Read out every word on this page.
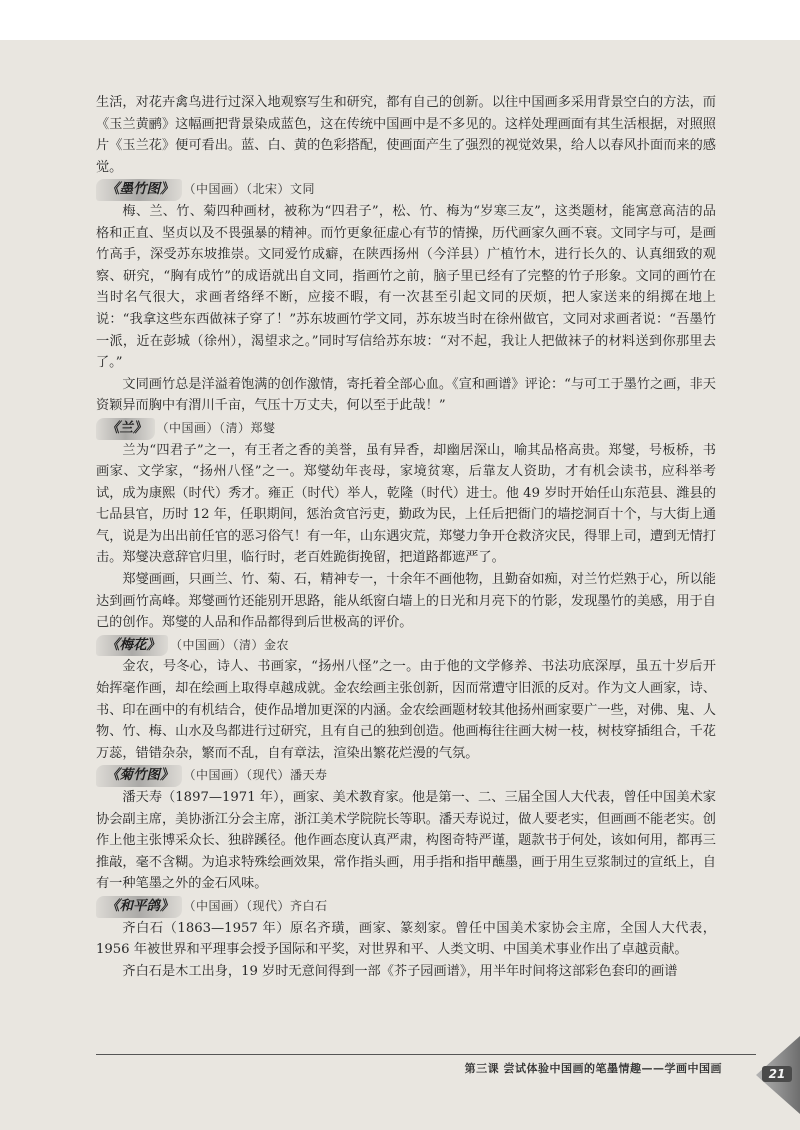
生活，对花卉禽鸟进行过深入地观察写生和研究，都有自己的创新。以往中国画多采用背景空白的方法，而《玉兰黄鹂》这幅画把背景染成蓝色，这在传统中国画中是不多见的。这样处理画面有其生活根据，对照照片《玉兰花》便可看出。蓝、白、黄的色彩搭配，使画面产生了强烈的视觉效果，给人以春风扑面而来的感觉。

《墨竹图》 （中国画）（北宋）文同

梅、兰、竹、菊四种画材，被称为“四君子”，松、竹、梅为“岁寒三友”，这类题材，能寓意高洁的品格和正直、坚贞以及不畏强暴的精神。而竹更象征虚心有节的情操，历代画家久画不衰。文同字与可，是画竹高手，深受苏东坡推崇。文同爱竹成癖，在陕西扬州（今洋县）广植竹木，进行长久的、认真细致的观察、研究，“胸有成竹”的成语就出自文同，指画竹之前，脑子里已经有了完整的竹子形象。文同的画竹在当时名气很大，求画者络绎不断，应接不暇，有一次甚至引起文同的厌烦，把人家送来的绢掷在地上说：“我拿这些东西做袜子穿了！”苏东坡画竹学文同，苏东坡当时在徐州做官，文同对求画者说：“吾墨竹一派，近在彭城（徐州），渴望求之。”同时写信给苏东坡：“对不起，我让人把做袜子的材料送到你那里去了。”

文同画竹总是洋溢着饱满的创作激情，寄托着全部心血。《宣和画谱》评论：“与可工于墨竹之画，非天资颖异而胸中有渭川千亩，气压十万丈夫，何以至于此哉！”

《兰》 （中国画）（清）郑燮

兰为“四君子”之一，有王者之香的美誉，虽有异香，却幽居深山，喻其品格高贵。郑燮，号板桥，书画家、文学家，“扬州八怪”之一。郑燮幼年丧母，家境贫寒，后靠友人资助，才有机会读书，应科举考试，成为康熙（时代）秀才。雍正（时代）举人，乾隆（时代）进士。他 49 岁时开始任山东范县、潍县的七品县官，历时 12 年，任职期间，惩治贪官污吏，勤政为民，上任后把衙门的墙挖洞百十个，与大街上通气，说是为出出前任官的恶习俗气！有一年，山东遇灾荒，郑燮力争开仓救济灾民，得罪上司，遭到无情打击。郑燮决意辞官归里，临行时，老百姓跪街挽留，把道路都遮严了。

郑燮画画，只画兰、竹、菊、石，精神专一，十余年不画他物，且勤奋如痴，对兰竹烂熟于心，所以能达到画竹高峰。郑燮画竹还能别开思路，能从纸窗白墙上的日光和月亮下的竹影，发现墨竹的美感，用于自己的创作。郑燮的人品和作品都得到后世极高的评价。

《梅花》 （中国画）（清）金农

金农，号冬心，诗人、书画家，“扬州八怪”之一。由于他的文学修养、书法功底深厚，虽五十岁后开始挥毫作画，却在绘画上取得卓越成就。金农绘画主张创新，因而常遭守旧派的反对。作为文人画家，诗、书、印在画中的有机结合，使作品增加更深的内涵。金农绘画题材较其他扬州画家要广一些，对佛、鬼、人物、竹、梅、山水及鸟都进行过研究，且有自己的独到创造。他画梅往往画大树一枝，树枝穿插组合，千花万蕊，错错杂杂，繁而不乱，自有章法，渲染出繁花烂漫的气氛。

《菊竹图》 （中国画）（现代）潘天寿

潘天寿（1897—1971 年），画家、美术教育家。他是第一、二、三届全国人大代表，曾任中国美术家协会副主席，美协浙江分会主席，浙江美术学院院长等职。潘天寿说过，做人要老实，但画画不能老实。创作上他主张博采众长、独辟蹊径。他作画态度认真严肃，构图奇特严谨，题款书于何处，该如何用，都再三推敲，毫不含糊。为追求特殊绘画效果，常作指头画，用手指和指甲蘸墨，画于用生豆浆制过的宣纸上，自有一种笔墨之外的金石风味。

《和平鸽》 （中国画）（现代）齐白石

齐白石（1863—1957 年）原名齐璜，画家、篆刻家。曾任中国美术家协会主席，全国人大代表，1956 年被世界和平理事会授予国际和平奖，对世界和平、人类文明、中国美术事业作出了卓越贡献。

齐白石是木工出身，19 岁时无意间得到一部《芥子园画谱》，用半年时间将这部彩色套印的画谱

第三课 尝试体验中国画的笔墨情趣——学画中国画	21
